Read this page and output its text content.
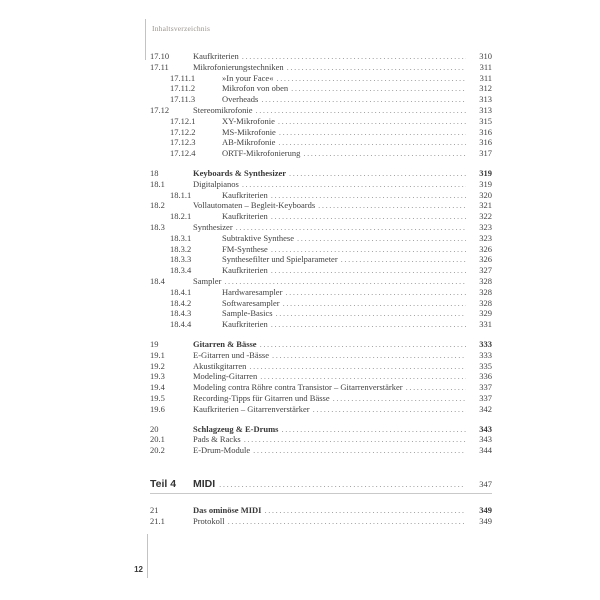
Inhaltsverzeichnis
17.10	Kaufkriterien .....	310
17.11	Mikrofonierungstechniken .....	311
17.11.1	»In your Face« .....	311
17.11.2	Mikrofon von oben .....	312
17.11.3	Overheads .....	313
17.12	Stereomikrofonie .....	313
17.12.1	XY-Mikrofonie .....	315
17.12.2	MS-Mikrofonie .....	316
17.12.3	AB-Mikrofonie .....	316
17.12.4	ORTF-Mikrofonierung .....	317
18	Keyboards & Synthesizer .....	319
18.1	Digitalpianos .....	319
18.1.1	Kaufkriterien .....	320
18.2	Vollautomaten – Begleit-Keyboards .....	321
18.2.1	Kaufkriterien .....	322
18.3	Synthesizer .....	323
18.3.1	Subtraktive Synthese .....	323
18.3.2	FM-Synthese .....	326
18.3.3	Synthesefilter und Spielparameter .....	326
18.3.4	Kaufkriterien .....	327
18.4	Sampler .....	328
18.4.1	Hardwaresampler .....	328
18.4.2	Softwaresampler .....	328
18.4.3	Sample-Basics .....	329
18.4.4	Kaufkriterien .....	331
19	Gitarren & Bässe .....	333
19.1	E-Gitarren und -Bässe .....	333
19.2	Akustikgitarren .....	335
19.3	Modeling-Gitarren .....	336
19.4	Modeling contra Röhre contra Transistor – Gitarrenverstärker .....	337
19.5	Recording-Tipps für Gitarren und Bässe .....	337
19.6	Kaufkriterien – Gitarrenverstärker .....	342
20	Schlagzeug & E-Drums .....	343
20.1	Pads & Racks .....	343
20.2	E-Drum-Module .....	344
Teil 4	MIDI .....	347
21	Das ominöse MIDI .....	349
21.1	Protokoll .....	349
12
